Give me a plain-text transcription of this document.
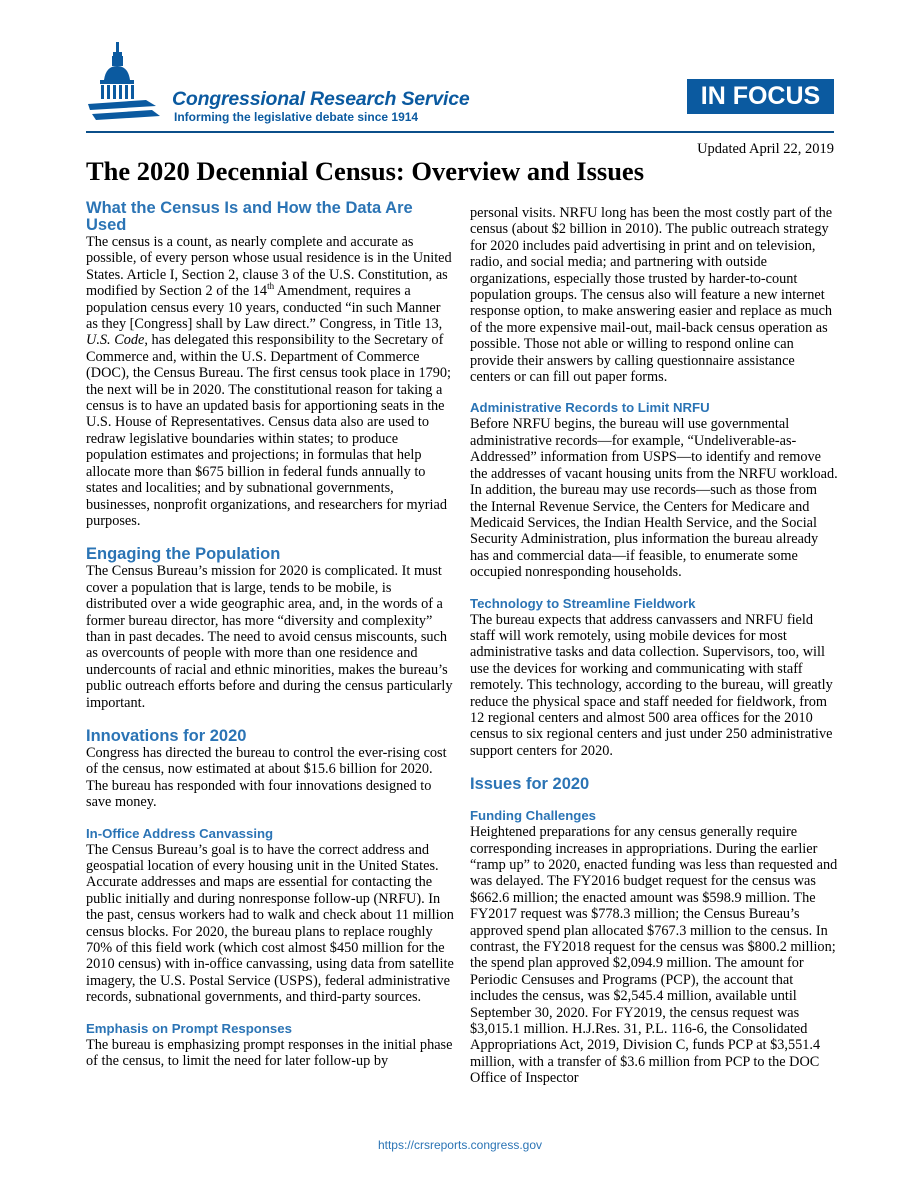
Congressional Research Service
Informing the legislative debate since 1914
IN FOCUS
Updated April 22, 2019
The 2020 Decennial Census: Overview and Issues
What the Census Is and How the Data Are Used

The census is a count, as nearly complete and accurate as possible, of every person whose usual residence is in the United States. Article I, Section 2, clause 3 of the U.S. Constitution, as modified by Section 2 of the 14th Amendment, requires a population census every 10 years, conducted “in such Manner as they [Congress] shall by Law direct.” Congress, in Title 13, U.S. Code, has delegated this responsibility to the Secretary of Commerce and, within the U.S. Department of Commerce (DOC), the Census Bureau. The first census took place in 1790; the next will be in 2020. The constitutional reason for taking a census is to have an updated basis for apportioning seats in the U.S. House of Representatives. Census data also are used to redraw legislative boundaries within states; to produce population estimates and projections; in formulas that help allocate more than $675 billion in federal funds annually to states and localities; and by subnational governments, businesses, nonprofit organizations, and researchers for myriad purposes.

Engaging the Population

The Census Bureau’s mission for 2020 is complicated. It must cover a population that is large, tends to be mobile, is distributed over a wide geographic area, and, in the words of a former bureau director, has more “diversity and complexity” than in past decades. The need to avoid census miscounts, such as overcounts of people with more than one residence and undercounts of racial and ethnic minorities, makes the bureau’s public outreach efforts before and during the census particularly important.

Innovations for 2020

Congress has directed the bureau to control the ever-rising cost of the census, now estimated at about $15.6 billion for 2020. The bureau has responded with four innovations designed to save money.

In-Office Address Canvassing

The Census Bureau’s goal is to have the correct address and geospatial location of every housing unit in the United States. Accurate addresses and maps are essential for contacting the public initially and during nonresponse follow-up (NRFU). In the past, census workers had to walk and check about 11 million census blocks. For 2020, the bureau plans to replace roughly 70% of this field work (which cost almost $450 million for the 2010 census) with in-office canvassing, using data from satellite imagery, the U.S. Postal Service (USPS), federal administrative records, subnational governments, and third-party sources.

Emphasis on Prompt Responses

The bureau is emphasizing prompt responses in the initial phase of the census, to limit the need for later follow-up by

personal visits. NRFU long has been the most costly part of the census (about $2 billion in 2010). The public outreach strategy for 2020 includes paid advertising in print and on television, radio, and social media; and partnering with outside organizations, especially those trusted by harder-to-count population groups. The census also will feature a new internet response option, to make answering easier and replace as much of the more expensive mail-out, mail-back census operation as possible. Those not able or willing to respond online can provide their answers by calling questionnaire assistance centers or can fill out paper forms.

Administrative Records to Limit NRFU

Before NRFU begins, the bureau will use governmental administrative records—for example, “Undeliverable-as-Addressed” information from USPS—to identify and remove the addresses of vacant housing units from the NRFU workload. In addition, the bureau may use records—such as those from the Internal Revenue Service, the Centers for Medicare and Medicaid Services, the Indian Health Service, and the Social Security Administration, plus information the bureau already has and commercial data—if feasible, to enumerate some occupied nonresponding households.

Technology to Streamline Fieldwork

The bureau expects that address canvassers and NRFU field staff will work remotely, using mobile devices for most administrative tasks and data collection. Supervisors, too, will use the devices for working and communicating with staff remotely. This technology, according to the bureau, will greatly reduce the physical space and staff needed for fieldwork, from 12 regional centers and almost 500 area offices for the 2010 census to six regional centers and just under 250 administrative support centers for 2020.

Issues for 2020
Funding Challenges

Heightened preparations for any census generally require corresponding increases in appropriations. During the earlier “ramp up” to 2020, enacted funding was less than requested and was delayed. The FY2016 budget request for the census was $662.6 million; the enacted amount was $598.9 million. The FY2017 request was $778.3 million; the Census Bureau’s approved spend plan allocated $767.3 million to the census. In contrast, the FY2018 request for the census was $800.2 million; the spend plan approved $2,094.9 million. The amount for Periodic Censuses and Programs (PCP), the account that includes the census, was $2,545.4 million, available until September 30, 2020. For FY2019, the census request was $3,015.1 million. H.J.Res. 31, P.L. 116-6, the Consolidated Appropriations Act, 2019, Division C, funds PCP at $3,551.4 million, with a transfer of $3.6 million from PCP to the DOC Office of Inspector

https://crsreports.congress.gov
